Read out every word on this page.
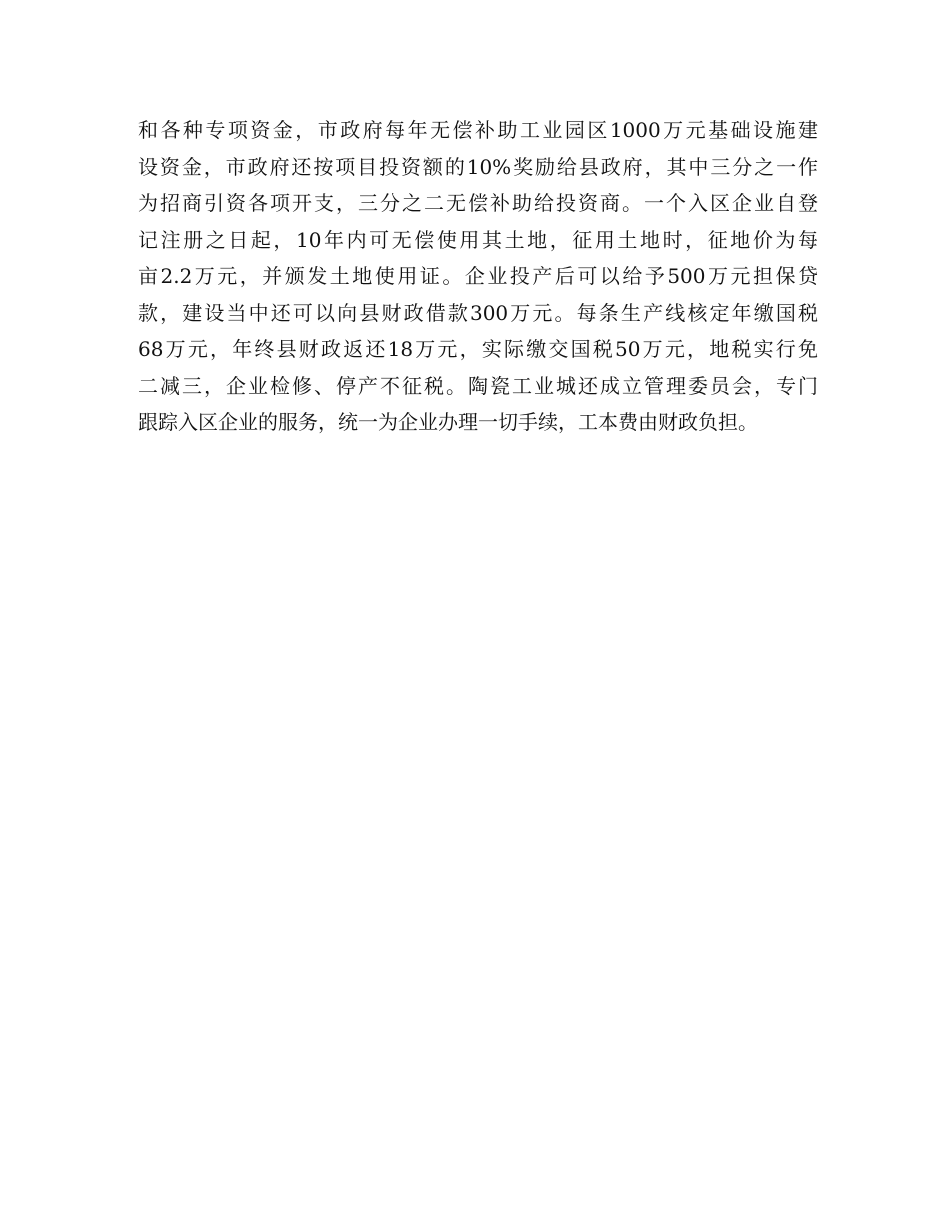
和各种专项资金，市政府每年无偿补助工业园区1000万元基础设施建
设资金，市政府还按项目投资额的10%奖励给县政府，其中三分之一作
为招商引资各项开支，三分之二无偿补助给投资商。一个入区企业自登
记注册之日起，10年内可无偿使用其土地，征用土地时，征地价为每
亩2.2万元，并颁发土地使用证。企业投产后可以给予500万元担保贷
款，建设当中还可以向县财政借款300万元。每条生产线核定年缴国税
68万元，年终县财政返还18万元，实际缴交国税50万元，地税实行免
二减三，企业检修、停产不征税。陶瓷工业城还成立管理委员会，专门
跟踪入区企业的服务，统一为企业办理一切手续，工本费由财政负担。
